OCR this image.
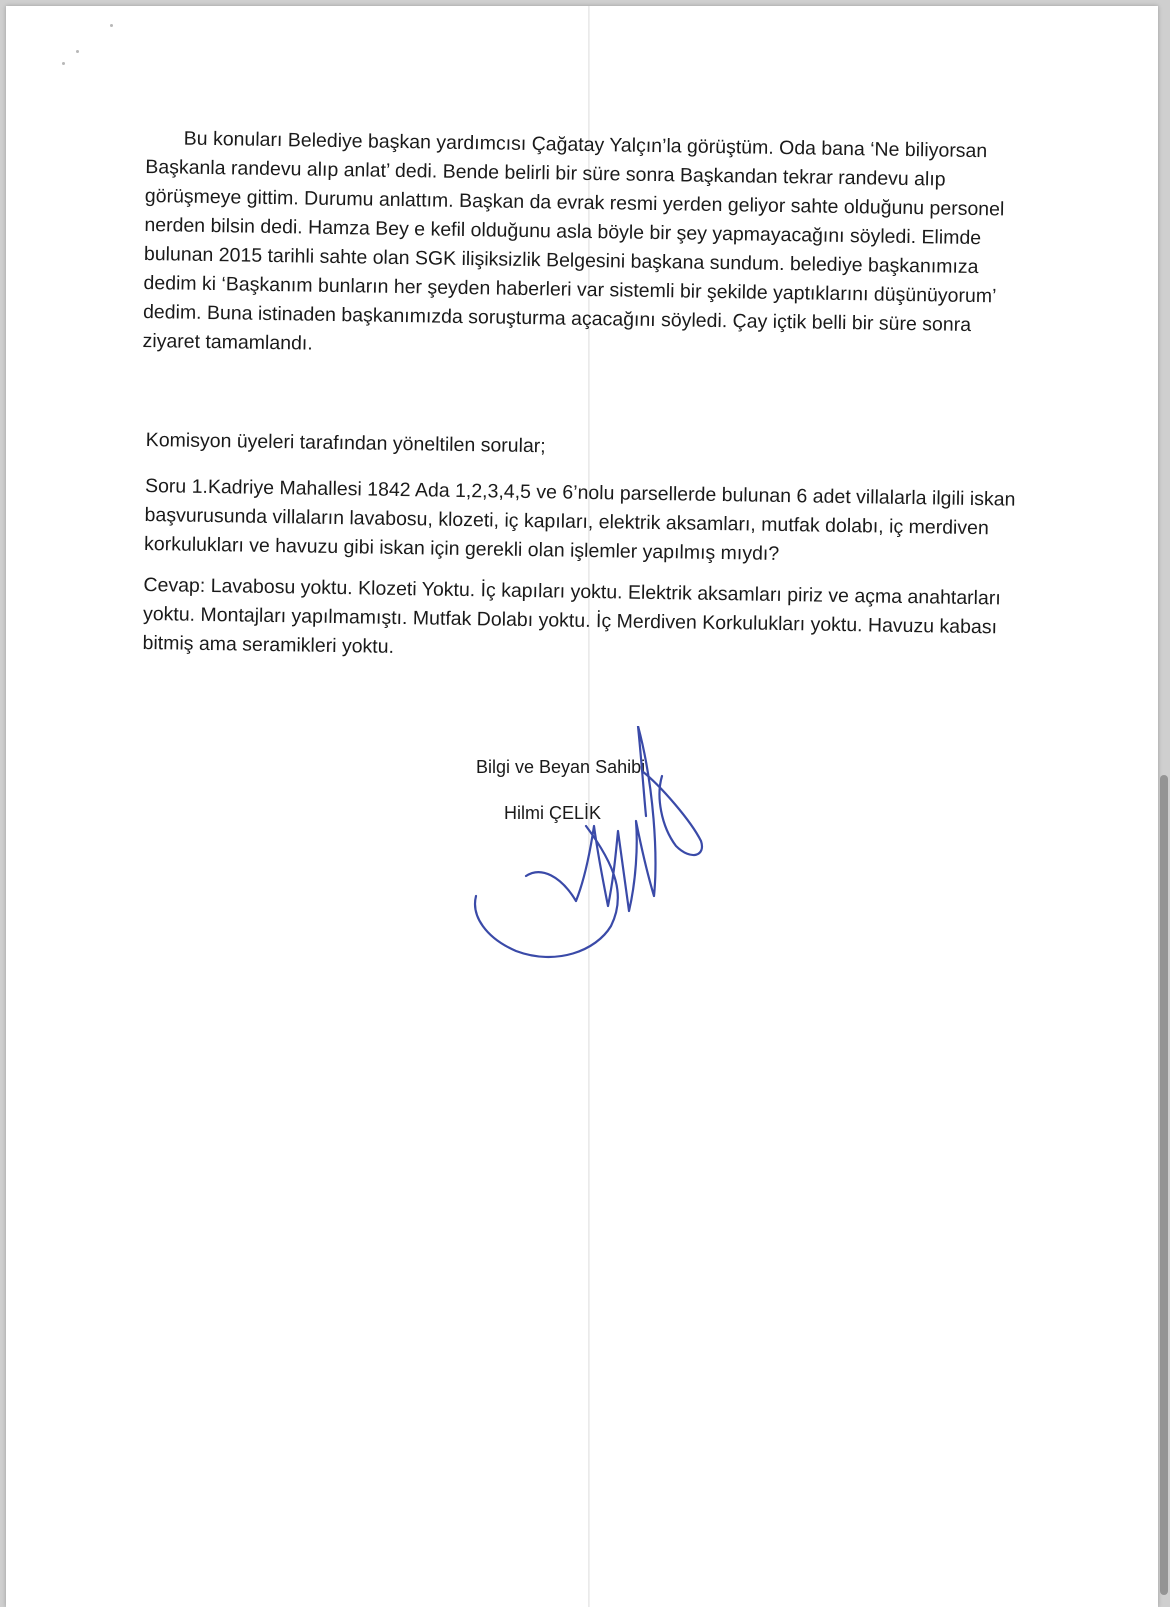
Bu konuları Belediye başkan yardımcısı Çağatay Yalçın’la görüştüm. Oda bana ‘Ne biliyorsan Başkanla randevu alıp anlat’ dedi. Bende belirli bir süre sonra Başkandan tekrar randevu alıp görüşmeye gittim. Durumu anlattım. Başkan da evrak resmi yerden geliyor sahte olduğunu personel nerden bilsin dedi. Hamza Bey e kefil olduğunu asla böyle bir şey yapmayacağını söyledi. Elimde bulunan 2015 tarihli sahte olan SGK ilişiksizlik Belgesini başkana sundum. belediye başkanımıza dedim ki ‘Başkanım bunların her şeyden haberleri var sistemli bir şekilde yaptıklarını düşünüyorum’ dedim. Buna istinaden başkanımızda soruşturma açacağını söyledi. Çay içtik belli bir süre sonra ziyaret tamamlandı.

Komisyon üyeleri tarafından yöneltilen sorular;

Soru 1.Kadriye Mahallesi 1842 Ada 1,2,3,4,5 ve 6’nolu parsellerde bulunan 6 adet villalarla ilgili iskan başvurusunda villaların lavabosu, klozeti, iç kapıları, elektrik aksamları, mutfak dolabı, iç merdiven korkulukları ve havuzu gibi iskan için gerekli olan işlemler yapılmış mıydı?

Cevap: Lavabosu yoktu. Klozeti Yoktu. İç kapıları yoktu. Elektrik aksamları piriz ve açma anahtarları yoktu. Montajları yapılmamıştı. Mutfak Dolabı yoktu. İç Merdiven Korkulukları yoktu. Havuzu kabası bitmiş ama seramikleri yoktu.

Bilgi ve Beyan Sahibi
Hilmi ÇELİK
